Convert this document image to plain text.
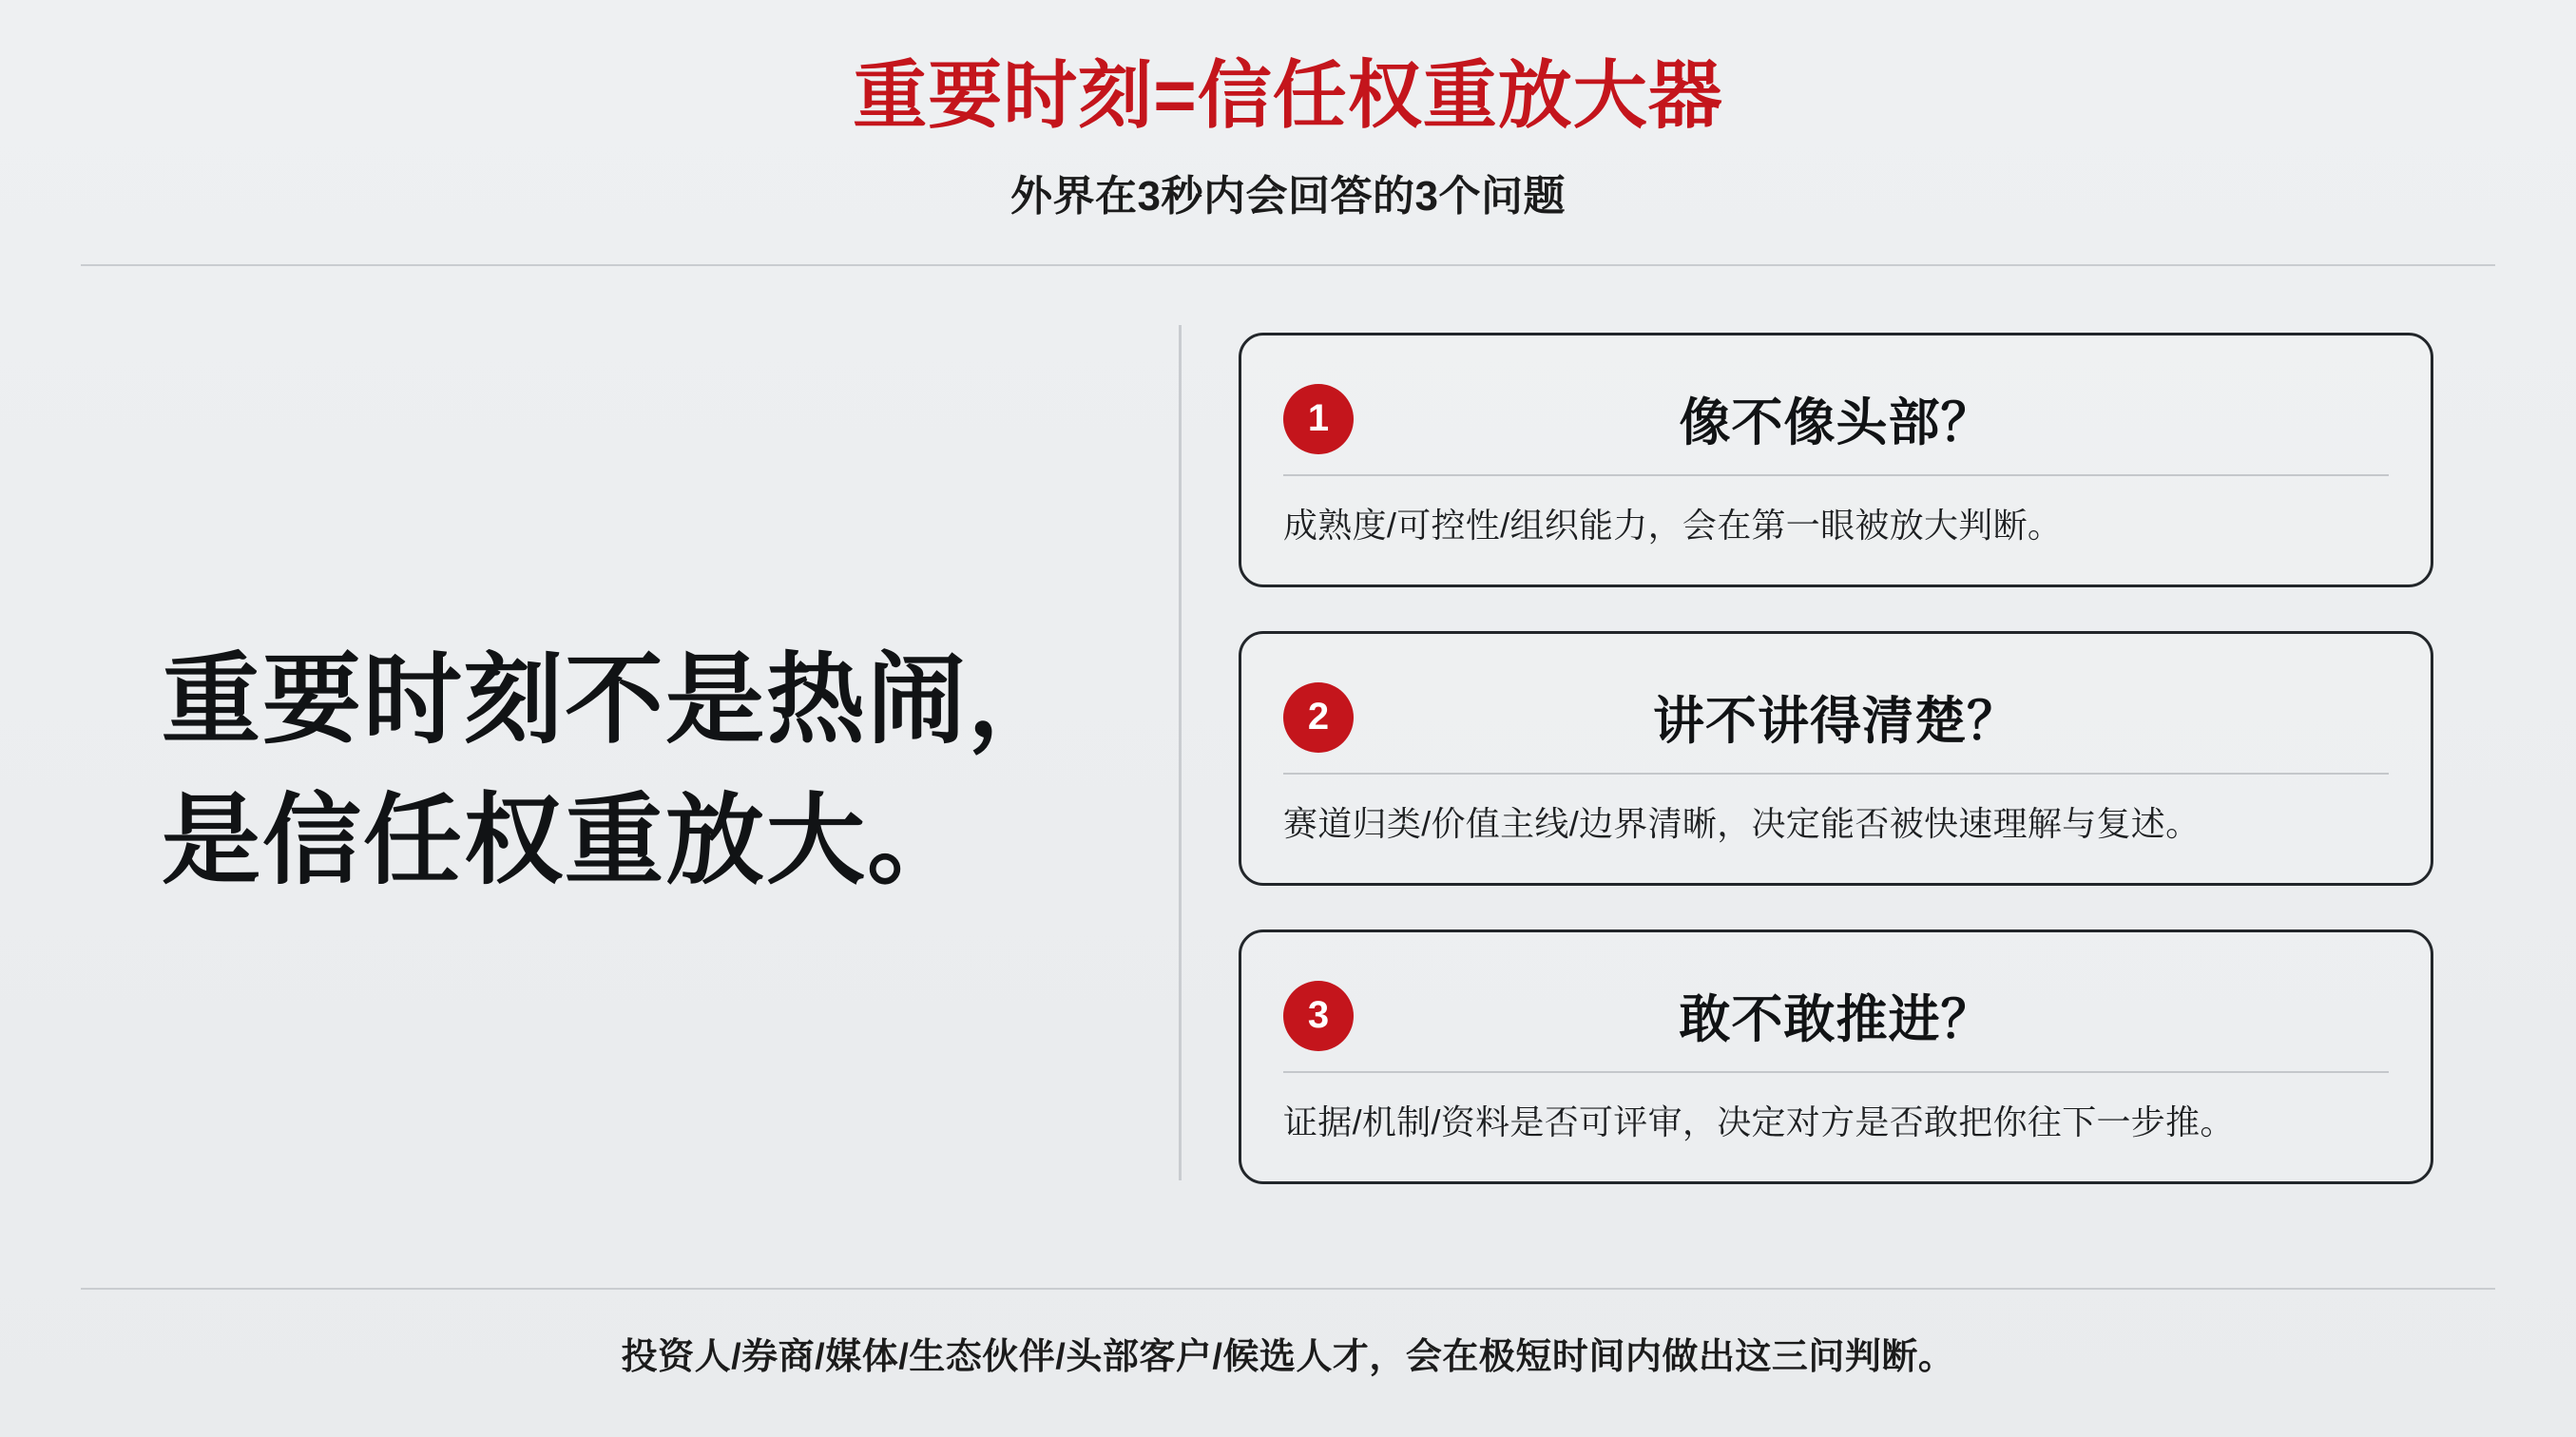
重要时刻=信任权重放大器
外界在3秒内会回答的3个问题
重要时刻不是热闹，
是信任权重放大。
1	像不像头部？
成熟度/可控性/组织能力，会在第一眼被放大判断。
2	讲不讲得清楚？
赛道归类/价值主线/边界清晰，决定能否被快速理解与复述。
3	敢不敢推进？
证据/机制/资料是否可评审，决定对方是否敢把你往下一步推。
投资人/券商/媒体/生态伙伴/头部客户/候选人才，会在极短时间内做出这三问判断。
